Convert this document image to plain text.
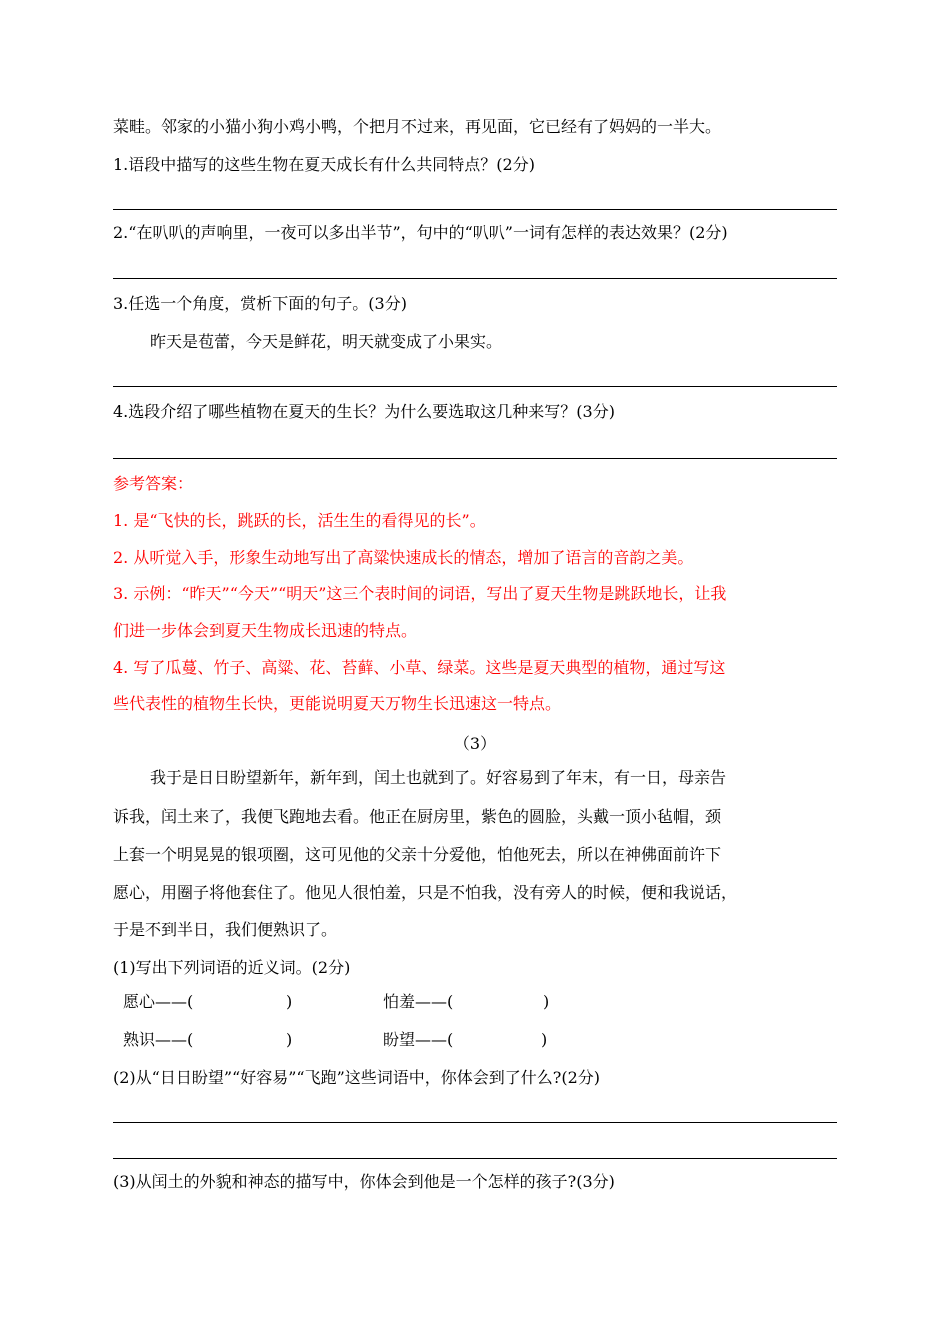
菜畦。邻家的小猫小狗小鸡小鸭，个把月不过来，再见面，它已经有了妈妈的一半大。
1.语段中描写的这些生物在夏天成长有什么共同特点？(2分)
2.“在叭叭的声响里，一夜可以多出半节”，句中的“叭叭”一词有怎样的表达效果？(2分)
3.任选一个角度，赏析下面的句子。(3分)
昨天是苞蕾，今天是鲜花，明天就变成了小果实。
4.选段介绍了哪些植物在夏天的生长？为什么要选取这几种来写？(3分)
参考答案：
1. 是“飞快的长，跳跃的长，活生生的看得见的长”。
2. 从听觉入手，形象生动地写出了高粱快速成长的情态，增加了语言的音韵之美。
3. 示例：“昨天”“今天”“明天”这三个表时间的词语，写出了夏天生物是跳跃地长，让我
们进一步体会到夏天生物成长迅速的特点。
4. 写了瓜蔓、竹子、高粱、花、苔藓、小草、绿菜。这些是夏天典型的植物，通过写这
些代表性的植物生长快，更能说明夏天万物生长迅速这一特点。
（3）
我于是日日盼望新年，新年到，闰土也就到了。好容易到了年末，有一日，母亲告
诉我，闰土来了，我便飞跑地去看。他正在厨房里，紫色的圆脸，头戴一顶小毡帽，颈
上套一个明晃晃的银项圈，这可见他的父亲十分爱他，怕他死去，所以在神佛面前许下
愿心，用圈子将他套住了。他见人很怕羞，只是不怕我，没有旁人的时候，便和我说话，
于是不到半日，我们便熟识了。
(1)写出下列词语的近义词。(2分)
愿心——(	)	怕羞——(	)
熟识——(	)	盼望——(	)
(2)从“日日盼望”“好容易”“飞跑”这些词语中，你体会到了什么?(2分)
(3)从闰土的外貌和神态的描写中，你体会到他是一个怎样的孩子?(3分)
